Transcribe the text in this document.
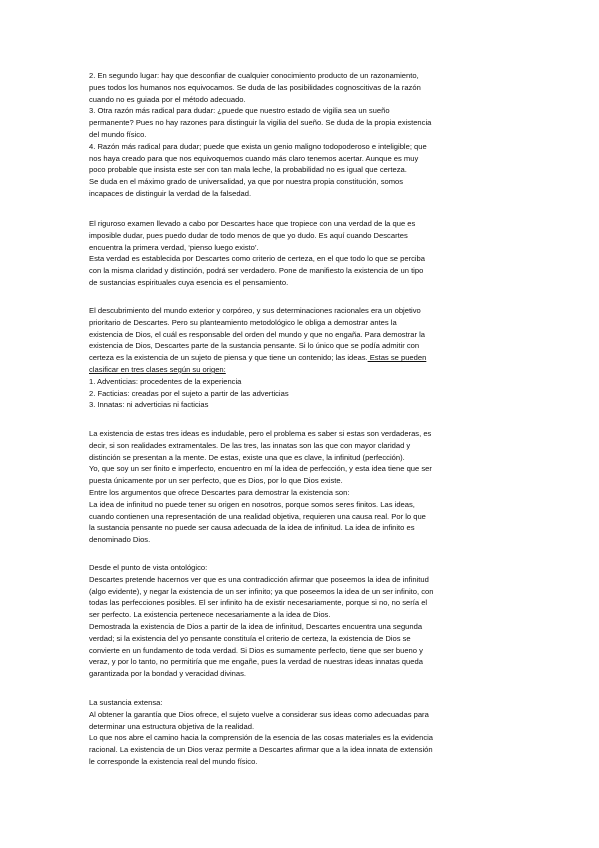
2. En segundo lugar: hay que desconfiar de cualquier conocimiento producto de un razonamiento,
pues todos los humanos nos equivocamos. Se duda de las posibilidades cognoscitivas de la razón
cuando no es guiada por el método adecuado.
3. Otra razón más radical para dudar: ¿puede que nuestro estado de vigilia sea un sueño
permanente? Pues no hay razones para distinguir la vigilia del sueño. Se duda de la propia existencia
del mundo físico.
4. Razón más radical para dudar; puede que exista un genio maligno todopoderoso e inteligible; que
nos haya creado para que nos equivoquemos cuando más claro tenemos acertar. Aunque es muy
poco probable que insista este ser con tan mala leche, la probabilidad no es igual que certeza.
Se duda en el máximo grado de universalidad, ya que por nuestra propia constitución, somos
incapaces de distinguir la verdad de la falsedad.
El riguroso examen llevado a cabo por Descartes hace que tropiece con una verdad de la que es
imposible dudar, pues puedo dudar de todo menos de que yo dudo. Es aquí cuando Descartes
encuentra la primera verdad, ‘pienso luego existo’.
Esta verdad es establecida por Descartes como criterio de certeza, en el que todo lo que se perciba
con la misma claridad y distinción, podrá ser verdadero. Pone de manifiesto la existencia de un tipo
de sustancias espirituales cuya esencia es el pensamiento.
El descubrimiento del mundo exterior y corpóreo, y sus determinaciones racionales era un objetivo
prioritario de Descartes. Pero su planteamiento metodológico le obliga a demostrar antes la
existencia de Dios, el cuál es responsable del orden del mundo y que no engaña. Para demostrar la
existencia de Dios, Descartes parte de la sustancia pensante. Si lo único que se podía admitir con
certeza es la existencia de un sujeto de piensa y que tiene un contenido; las ideas. Estas se pueden
clasificar en tres clases según su origen:
1. Adventicias: procedentes de la experiencia
2. Facticias: creadas por el sujeto a partir de las adverticias
3. Innatas: ni adverticias ni facticias
La existencia de estas tres ideas es indudable, pero el problema es saber si estas son verdaderas, es
decir, si son realidades extramentales. De las tres, las innatas son las que con mayor claridad y
distinción se presentan a la mente. De estas, existe una que es clave, la infinitud (perfección).
Yo, que soy un ser finito e imperfecto, encuentro en mí la idea de perfección, y esta idea tiene que ser
puesta únicamente por un ser perfecto, que es Dios, por lo que Dios existe.
Entre los argumentos que ofrece Descartes para demostrar la existencia son:
La idea de infinitud no puede tener su origen en nosotros, porque somos seres finitos. Las ideas,
cuando contienen una representación de una realidad objetiva, requieren una causa real. Por lo que
la sustancia pensante no puede ser causa adecuada de la idea de infinitud. La idea de infinito es
denominado Dios.
Desde el punto de vista ontológico:
Descartes pretende hacernos ver que es una contradicción afirmar que poseemos la idea de infinitud
(algo evidente), y negar la existencia de un ser infinito; ya que poseemos la idea de un ser infinito, con
todas las perfecciones posibles. El ser infinito ha de existir necesariamente, porque si no, no sería el
ser perfecto. La existencia pertenece necesariamente a la idea de Dios.
Demostrada la existencia de Dios a partir de la idea de infinitud, Descartes encuentra una segunda
verdad; si la existencia del yo pensante constituía el criterio de certeza, la existencia de Dios se
convierte en un fundamento de toda verdad. Si Dios es sumamente perfecto, tiene que ser bueno y
veraz, y por lo tanto, no permitiría que me engañe, pues la verdad de nuestras ideas innatas queda
garantizada por la bondad y veracidad divinas.
La sustancia extensa:
Al obtener la garantía que Dios ofrece, el sujeto vuelve a considerar sus ideas como adecuadas para
determinar una estructura objetiva de la realidad.
Lo que nos abre el camino hacia la comprensión de la esencia de las cosas materiales es la evidencia
racional. La existencia de un Dios veraz permite a Descartes afirmar que a la idea innata de extensión
le corresponde la existencia real del mundo físico.
